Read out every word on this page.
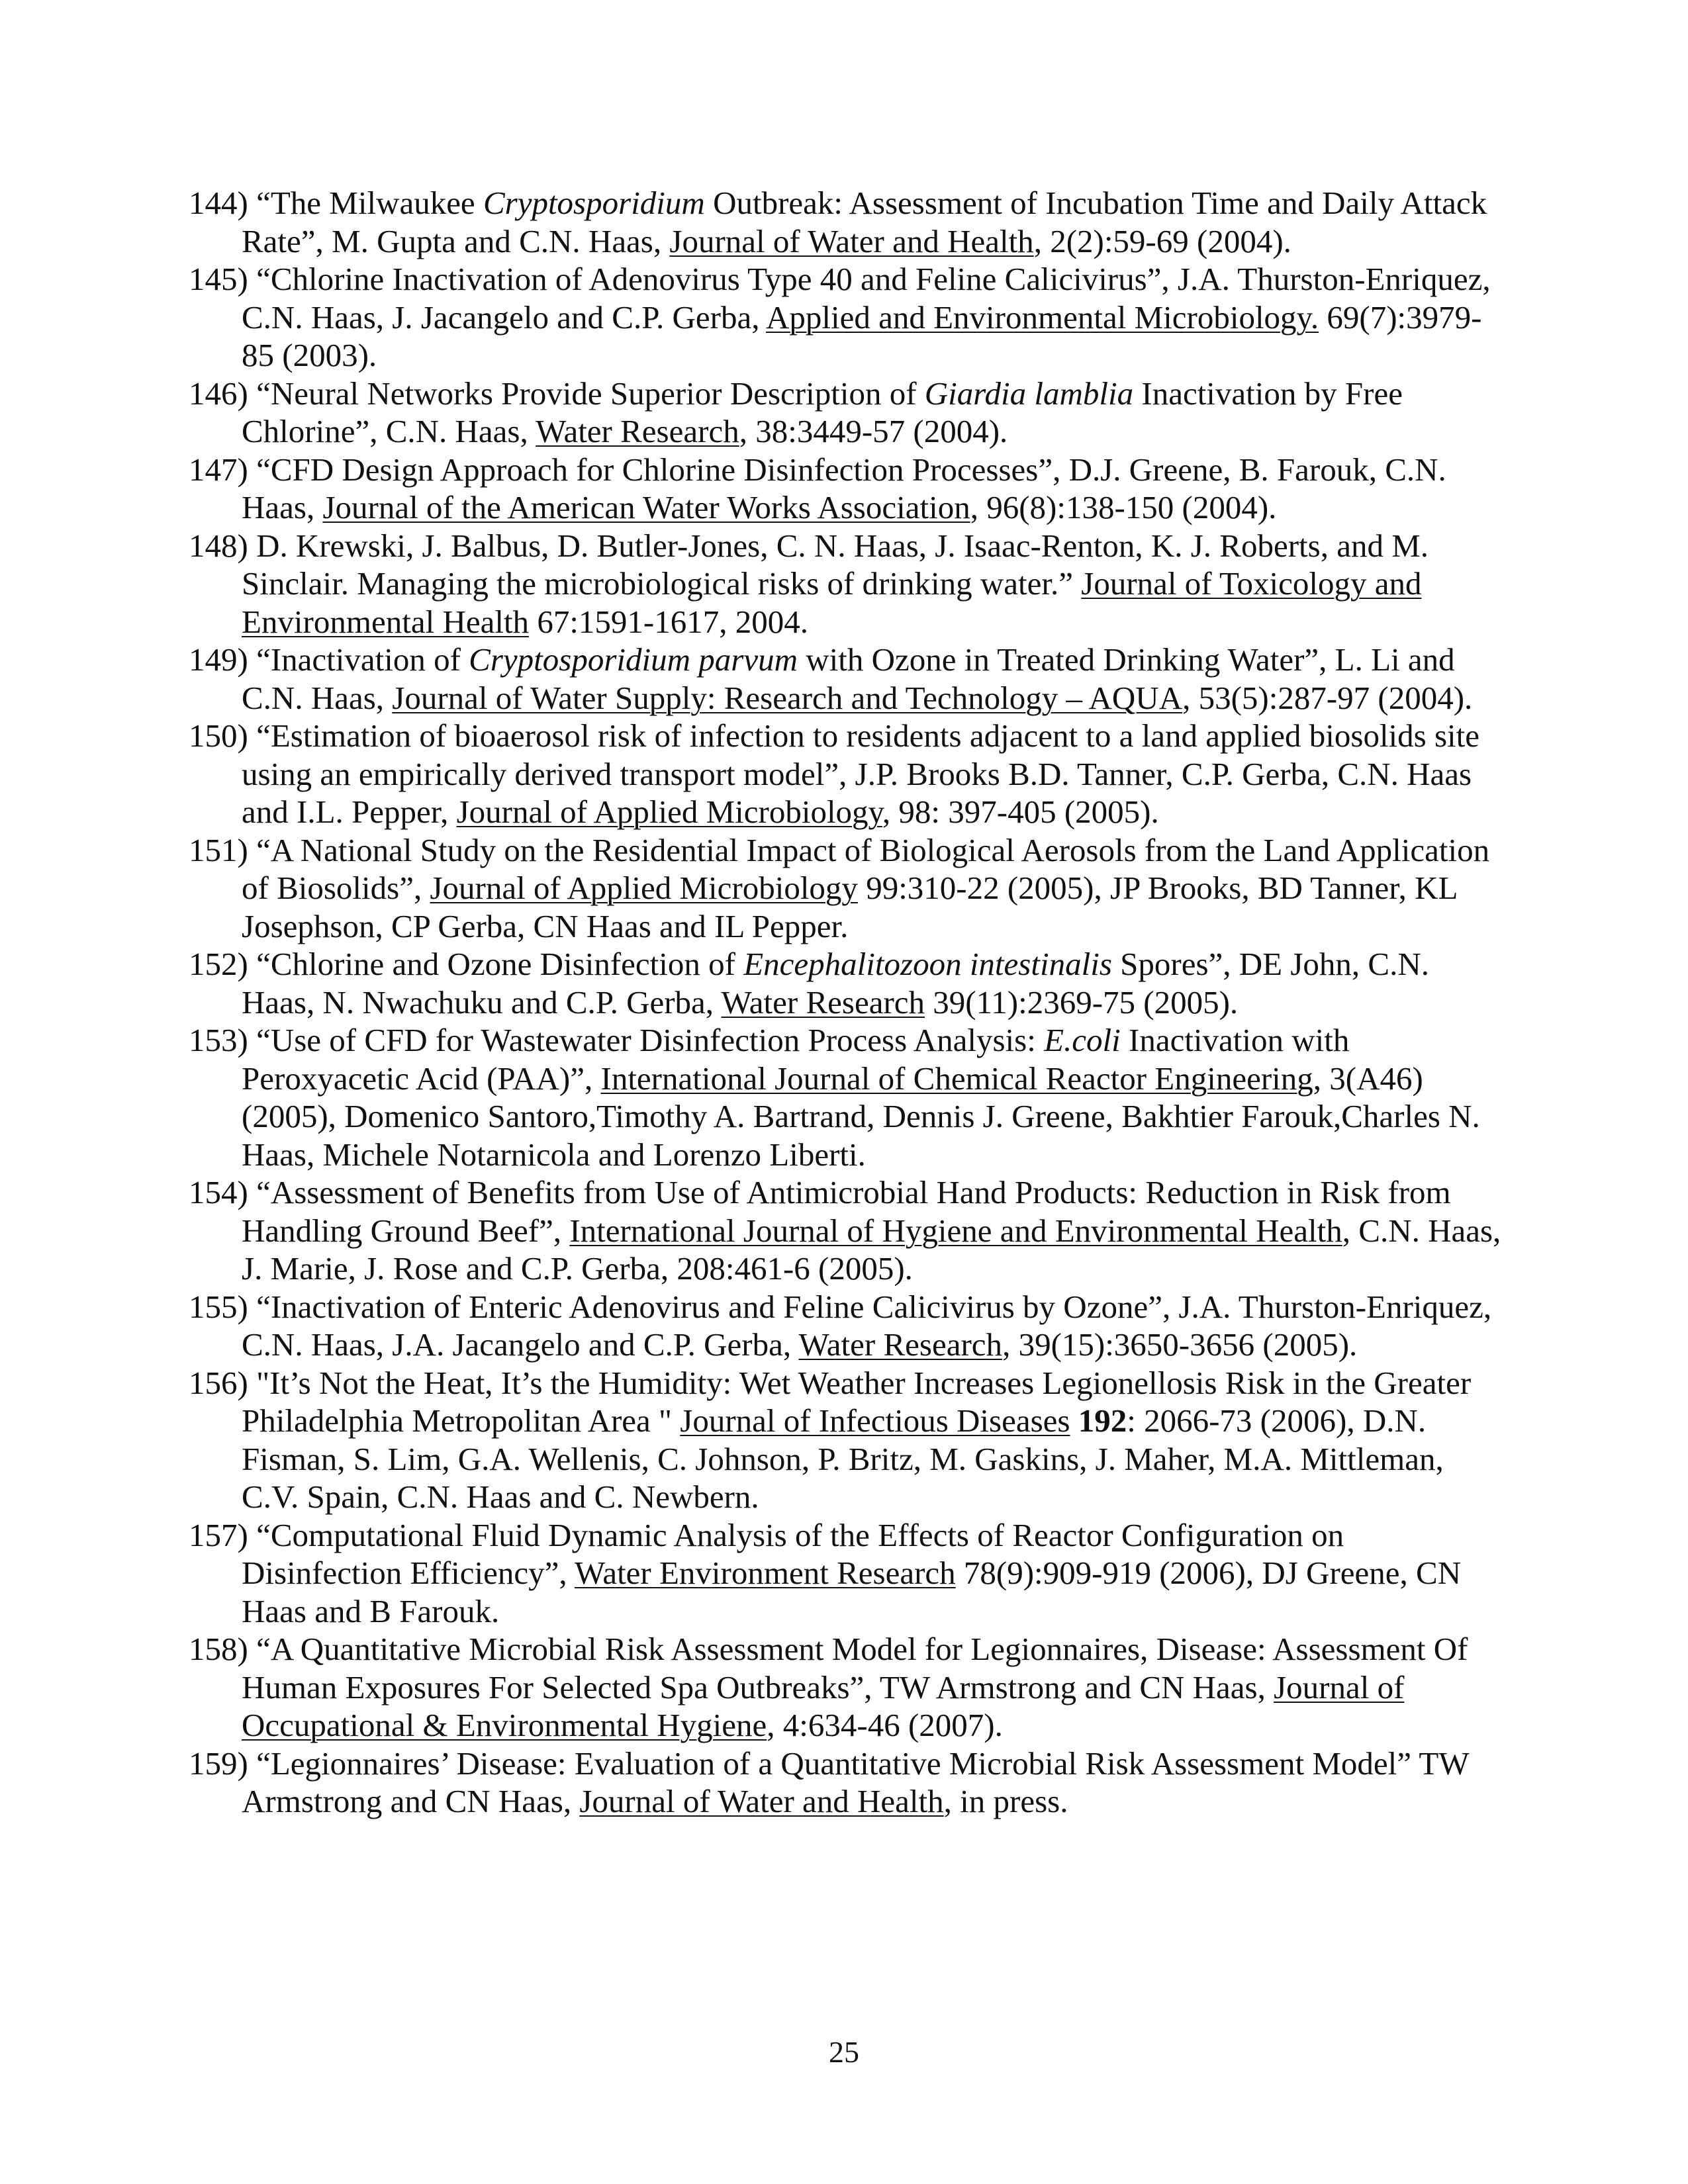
144) “The Milwaukee Cryptosporidium Outbreak: Assessment of Incubation Time and Daily Attack Rate”, M. Gupta and C.N. Haas, Journal of Water and Health, 2(2):59-69 (2004).
145) “Chlorine Inactivation of Adenovirus Type 40 and Feline Calicivirus”, J.A. Thurston-Enriquez, C.N. Haas, J. Jacangelo and C.P. Gerba, Applied and Environmental Microbiology. 69(7):3979-85 (2003).
146) “Neural Networks Provide Superior Description of Giardia lamblia Inactivation by Free Chlorine”, C.N. Haas, Water Research, 38:3449-57 (2004).
147) “CFD Design Approach for Chlorine Disinfection Processes”, D.J. Greene, B. Farouk, C.N. Haas, Journal of the American Water Works Association, 96(8):138-150 (2004).
148) D. Krewski, J. Balbus, D. Butler-Jones, C. N. Haas, J. Isaac-Renton, K. J. Roberts, and M. Sinclair. Managing the microbiological risks of drinking water.” Journal of Toxicology and Environmental Health 67:1591-1617, 2004.
149) “Inactivation of Cryptosporidium parvum with Ozone in Treated Drinking Water”, L. Li and C.N. Haas, Journal of Water Supply: Research and Technology – AQUA, 53(5):287-97 (2004).
150) “Estimation of bioaerosol risk of infection to residents adjacent to a land applied biosolids site using an empirically derived transport model”, J.P. Brooks B.D. Tanner, C.P. Gerba, C.N. Haas and I.L. Pepper, Journal of Applied Microbiology, 98: 397-405 (2005).
151) “A National Study on the Residential Impact of Biological Aerosols from the Land Application of Biosolids”, Journal of Applied Microbiology 99:310-22 (2005), JP Brooks, BD Tanner, KL Josephson, CP Gerba, CN Haas and IL Pepper.
152) “Chlorine and Ozone Disinfection of Encephalitozoon intestinalis Spores”, DE John, C.N. Haas, N. Nwachuku and C.P. Gerba, Water Research 39(11):2369-75 (2005).
153) “Use of CFD for Wastewater Disinfection Process Analysis: E.coli Inactivation with Peroxyacetic Acid (PAA)”, International Journal of Chemical Reactor Engineering, 3(A46) (2005), Domenico Santoro,Timothy A. Bartrand, Dennis J. Greene, Bakhtier Farouk,Charles N. Haas, Michele Notarnicola and Lorenzo Liberti.
154) “Assessment of Benefits from Use of Antimicrobial Hand Products: Reduction in Risk from Handling Ground Beef”, International Journal of Hygiene and Environmental Health, C.N. Haas, J. Marie, J. Rose and C.P. Gerba, 208:461-6 (2005).
155) “Inactivation of Enteric Adenovirus and Feline Calicivirus by Ozone”, J.A. Thurston-Enriquez, C.N. Haas, J.A. Jacangelo and C.P. Gerba, Water Research, 39(15):3650-3656 (2005).
156) "It’s Not the Heat, It’s the Humidity: Wet Weather Increases Legionellosis Risk in the Greater Philadelphia Metropolitan Area " Journal of Infectious Diseases 192: 2066-73 (2006), D.N. Fisman, S. Lim, G.A. Wellenis, C. Johnson, P. Britz, M. Gaskins, J. Maher, M.A. Mittleman, C.V. Spain, C.N. Haas and C. Newbern.
157) “Computational Fluid Dynamic Analysis of the Effects of Reactor Configuration on Disinfection Efficiency”, Water Environment Research 78(9):909-919 (2006), DJ Greene, CN Haas and B Farouk.
158) “A Quantitative Microbial Risk Assessment Model for Legionnaires, Disease: Assessment Of Human Exposures For Selected Spa Outbreaks”, TW Armstrong and CN Haas, Journal of Occupational & Environmental Hygiene, 4:634-46 (2007).
159) “Legionnaires’ Disease: Evaluation of a Quantitative Microbial Risk Assessment Model” TW Armstrong and CN Haas, Journal of Water and Health, in press.
25
